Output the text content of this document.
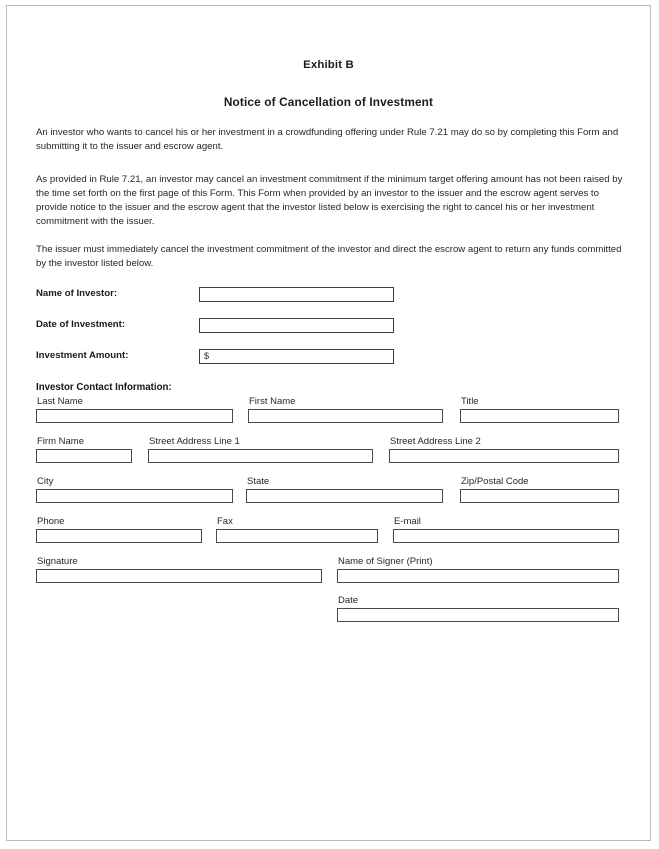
Exhibit B
Notice of Cancellation of Investment
An investor who wants to cancel his or her investment in a crowdfunding offering under Rule 7.21 may do so by completing this Form and submitting it to the issuer and escrow agent.
As provided in Rule 7.21, an investor may cancel an investment commitment if the minimum target offering amount has not been raised by the time set forth on the first page of this Form. This Form when provided by an investor to the issuer and the escrow agent serves to provide notice to the issuer and the escrow agent that the investor listed below is exercising the right to cancel his or her investment commitment with the issuer.
The issuer must immediately cancel the investment commitment of the investor and direct the escrow agent to return any funds committed by the investor listed below.
Name of Investor:
Date of Investment:
Investment Amount:	$
Investor Contact Information:
Last Name	First Name	Title
Firm Name	Street Address Line 1	Street Address Line 2
City	State	Zip/Postal Code
Phone	Fax	E-mail
Signature	Name of Signer (Print)
Date
